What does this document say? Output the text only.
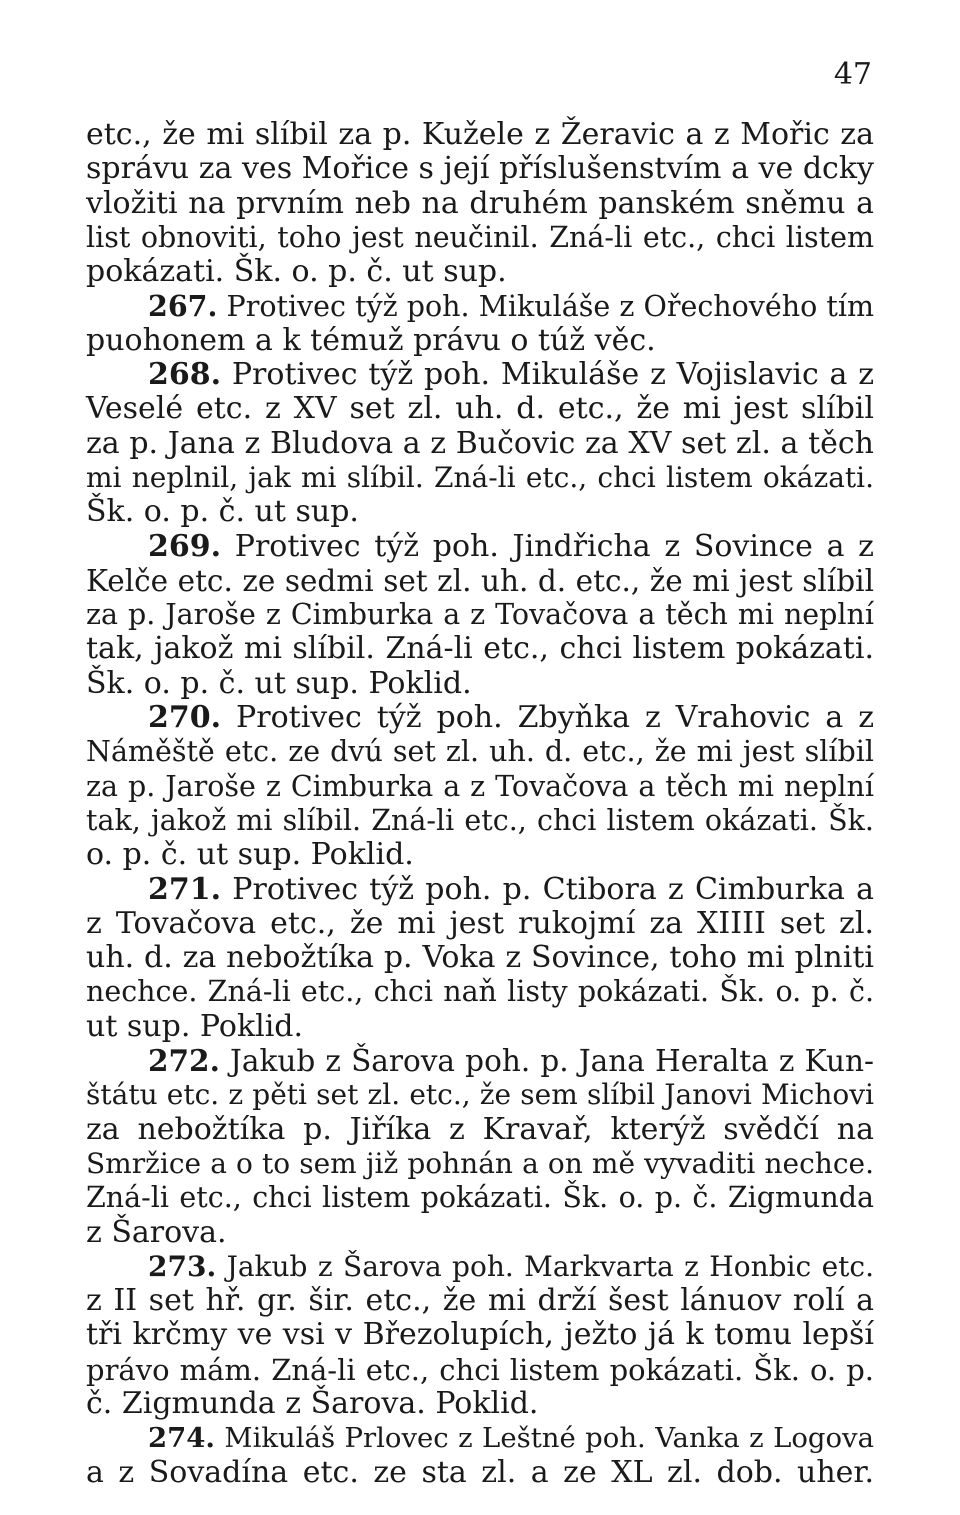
47
etc., že mi slíbil za p. Kužele z Žeravic a z Mořic za
správu za ves Mořice s její příslušenstvím a ve dcky
vložiti na prvním neb na druhém panském sněmu a
list obnoviti, toho jest neučinil. Zná-li etc., chci listem
pokázati. Šk. o. p. č. ut sup.
267. Protivec týž poh. Mikuláše z Ořechového tím
puohonem a k témuž právu o túž věc.
268. Protivec týž poh. Mikuláše z Vojislavic a z
Veselé etc. z XV set zl. uh. d. etc., že mi jest slíbil
za p. Jana z Bludova a z Bučovic za XV set zl. a těch
mi neplnil, jak mi slíbil. Zná-li etc., chci listem okázati.
Šk. o. p. č. ut sup.
269. Protivec týž poh. Jindřicha z Sovince a z
Kelče etc. ze sedmi set zl. uh. d. etc., že mi jest slíbil
za p. Jaroše z Cimburka a z Tovačova a těch mi neplní
tak, jakož mi slíbil. Zná-li etc., chci listem pokázati.
Šk. o. p. č. ut sup. Poklid.
270. Protivec týž poh. Zbyňka z Vrahovic a z
Náměště etc. ze dvú set zl. uh. d. etc., že mi jest slíbil
za p. Jaroše z Cimburka a z Tovačova a těch mi neplní
tak, jakož mi slíbil. Zná-li etc., chci listem okázati. Šk.
o. p. č. ut sup. Poklid.
271. Protivec týž poh. p. Ctibora z Cimburka a
z Tovačova etc., že mi jest rukojmí za XIIII set zl.
uh. d. za nebožtíka p. Voka z Sovince, toho mi plniti
nechce. Zná-li etc., chci naň listy pokázati. Šk. o. p. č.
ut sup. Poklid.
272. Jakub z Šarova poh. p. Jana Heralta z Kun-
štátu etc. z pěti set zl. etc., že sem slíbil Janovi Michovi
za nebožtíka p. Jiříka z Kravař, kterýž svědčí na
Smržice a o to sem již pohnán a on mě vyvaditi nechce.
Zná-li etc., chci listem pokázati. Šk. o. p. č. Zigmunda
z Šarova.
273. Jakub z Šarova poh. Markvarta z Honbic etc.
z II set hř. gr. šir. etc., že mi drží šest lánuov rolí a
tři krčmy ve vsi v Březolupích, ježto já k tomu lepší
právo mám. Zná-li etc., chci listem pokázati. Šk. o. p.
č. Zigmunda z Šarova. Poklid.
274. Mikuláš Prlovec z Leštné poh. Vanka z Logova
a z Sovadína etc. ze sta zl. a ze XL zl. dob. uher.
